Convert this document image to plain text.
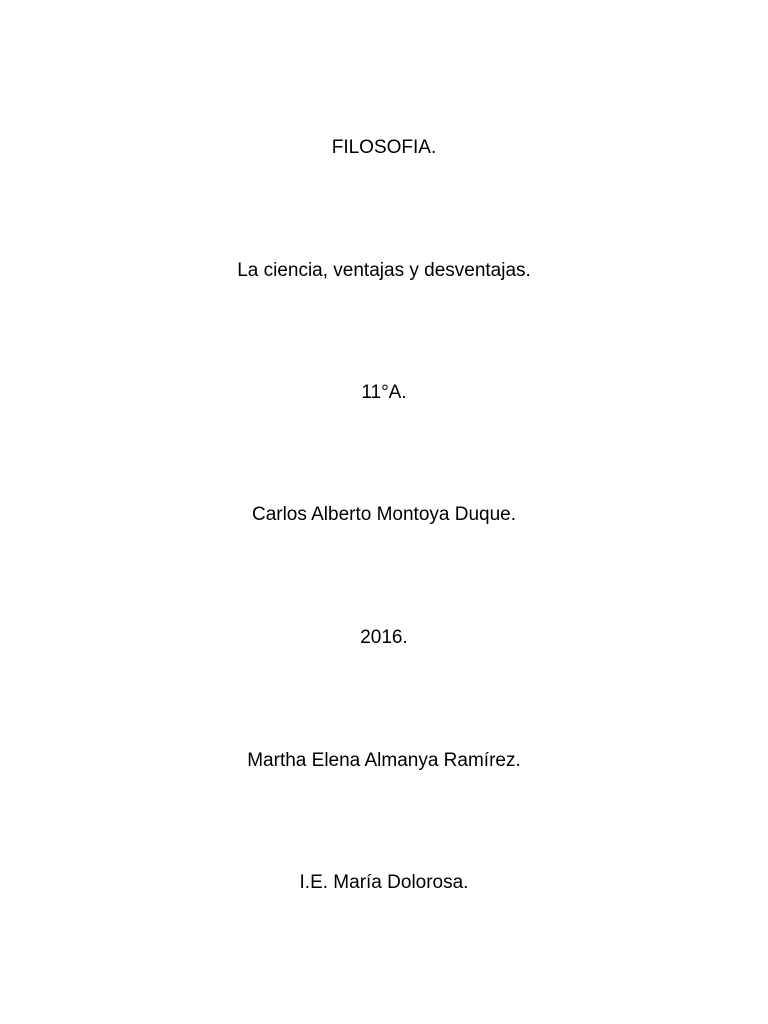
FILOSOFIA.
La ciencia, ventajas y desventajas.
11°A.
Carlos Alberto Montoya Duque.
2016.
Martha Elena Almanya Ramírez.
I.E. María Dolorosa.
